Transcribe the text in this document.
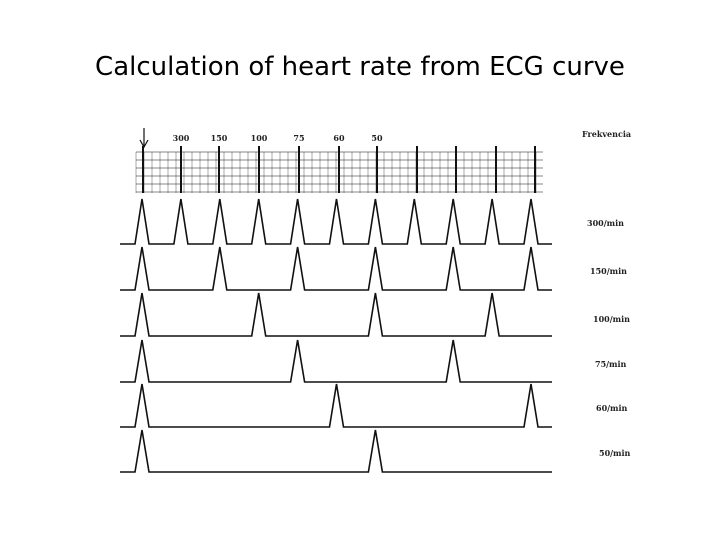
Calculation of heart rate from ECG curve
300	150	100	75	60	50	Frekvencia
300/min
150/min
100/min
75/min
60/min
50/min
